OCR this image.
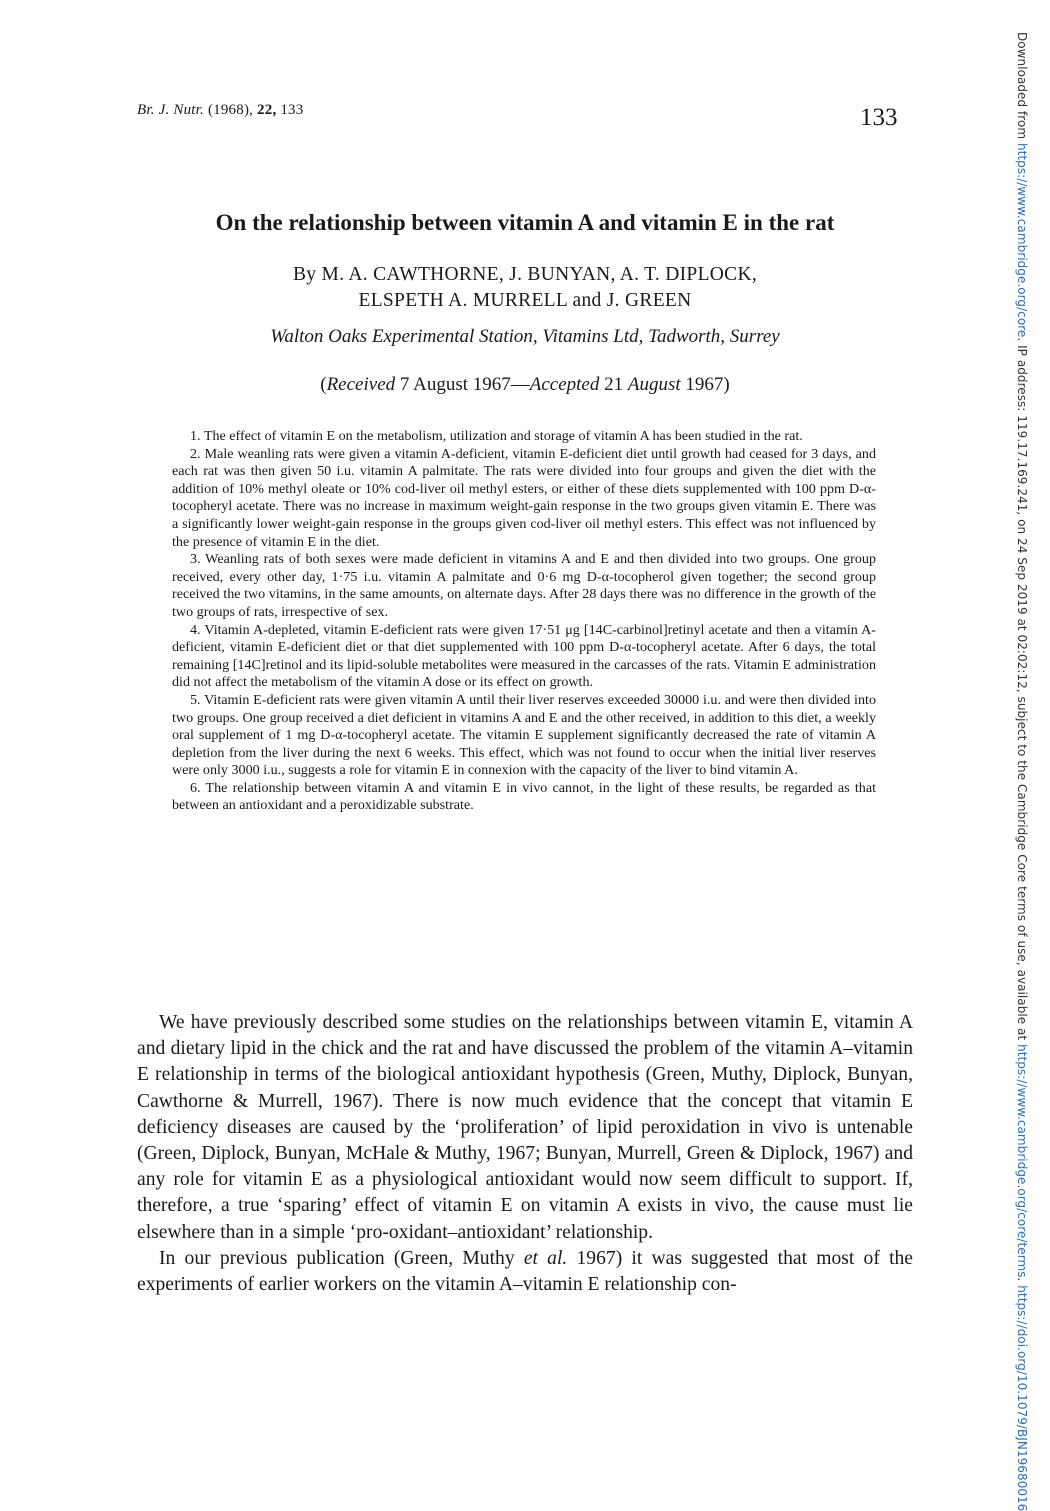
Downloaded from https://www.cambridge.org/core. IP address: 119.17.169.241, on 24 Sep 2019 at 02:02:12, subject to the Cambridge Core terms of use, available at https://www.cambridge.org/core/terms. https://doi.org/10.1079/BJN19680016
Br. J. Nutr. (1968), 22, 133	133
On the relationship between vitamin A and vitamin E in the rat
By M. A. CAWTHORNE, J. BUNYAN, A. T. DIPLOCK,
ELSPETH A. MURRELL and J. GREEN
Walton Oaks Experimental Station, Vitamins Ltd, Tadworth, Surrey
(Received 7 August 1967—Accepted 21 August 1967)

1. The effect of vitamin E on the metabolism, utilization and storage of vitamin A has been studied in the rat.

2. Male weanling rats were given a vitamin A-deficient, vitamin E-deficient diet until growth had ceased for 3 days, and each rat was then given 50 i.u. vitamin A palmitate. The rats were divided into four groups and given the diet with the addition of 10% methyl oleate or 10% cod-liver oil methyl esters, or either of these diets supplemented with 100 ppm D-α-tocopheryl acetate. There was no increase in maximum weight-gain response in the two groups given vitamin E. There was a significantly lower weight-gain response in the groups given cod-liver oil methyl esters. This effect was not influenced by the presence of vitamin E in the diet.

3. Weanling rats of both sexes were made deficient in vitamins A and E and then divided into two groups. One group received, every other day, 1·75 i.u. vitamin A palmitate and 0·6 mg D-α-tocopherol given together; the second group received the two vitamins, in the same amounts, on alternate days. After 28 days there was no difference in the growth of the two groups of rats, irrespective of sex.

4. Vitamin A-depleted, vitamin E-deficient rats were given 17·51 μg [14C-carbinol]retinyl acetate and then a vitamin A-deficient, vitamin E-deficient diet or that diet supplemented with 100 ppm D-α-tocopheryl acetate. After 6 days, the total remaining [14C]retinol and its lipid-soluble metabolites were measured in the carcasses of the rats. Vitamin E administration did not affect the metabolism of the vitamin A dose or its effect on growth.

5. Vitamin E-deficient rats were given vitamin A until their liver reserves exceeded 30000 i.u. and were then divided into two groups. One group received a diet deficient in vitamins A and E and the other received, in addition to this diet, a weekly oral supplement of 1 mg D-α-tocopheryl acetate. The vitamin E supplement significantly decreased the rate of vitamin A depletion from the liver during the next 6 weeks. This effect, which was not found to occur when the initial liver reserves were only 3000 i.u., suggests a role for vitamin E in connexion with the capacity of the liver to bind vitamin A.

6. The relationship between vitamin A and vitamin E in vivo cannot, in the light of these results, be regarded as that between an antioxidant and a peroxidizable substrate.

We have previously described some studies on the relationships between vitamin E, vitamin A and dietary lipid in the chick and the rat and have discussed the problem of the vitamin A–vitamin E relationship in terms of the biological antioxidant hypothesis (Green, Muthy, Diplock, Bunyan, Cawthorne & Murrell, 1967). There is now much evidence that the concept that vitamin E deficiency diseases are caused by the ‘proliferation’ of lipid peroxidation in vivo is untenable (Green, Diplock, Bunyan, McHale & Muthy, 1967; Bunyan, Murrell, Green & Diplock, 1967) and any role for vitamin E as a physiological antioxidant would now seem difficult to support. If, therefore, a true ‘sparing’ effect of vitamin E on vitamin A exists in vivo, the cause must lie elsewhere than in a simple ‘pro-oxidant–antioxidant’ relationship.

In our previous publication (Green, Muthy et al. 1967) it was suggested that most of the experiments of earlier workers on the vitamin A–vitamin E relationship con-
